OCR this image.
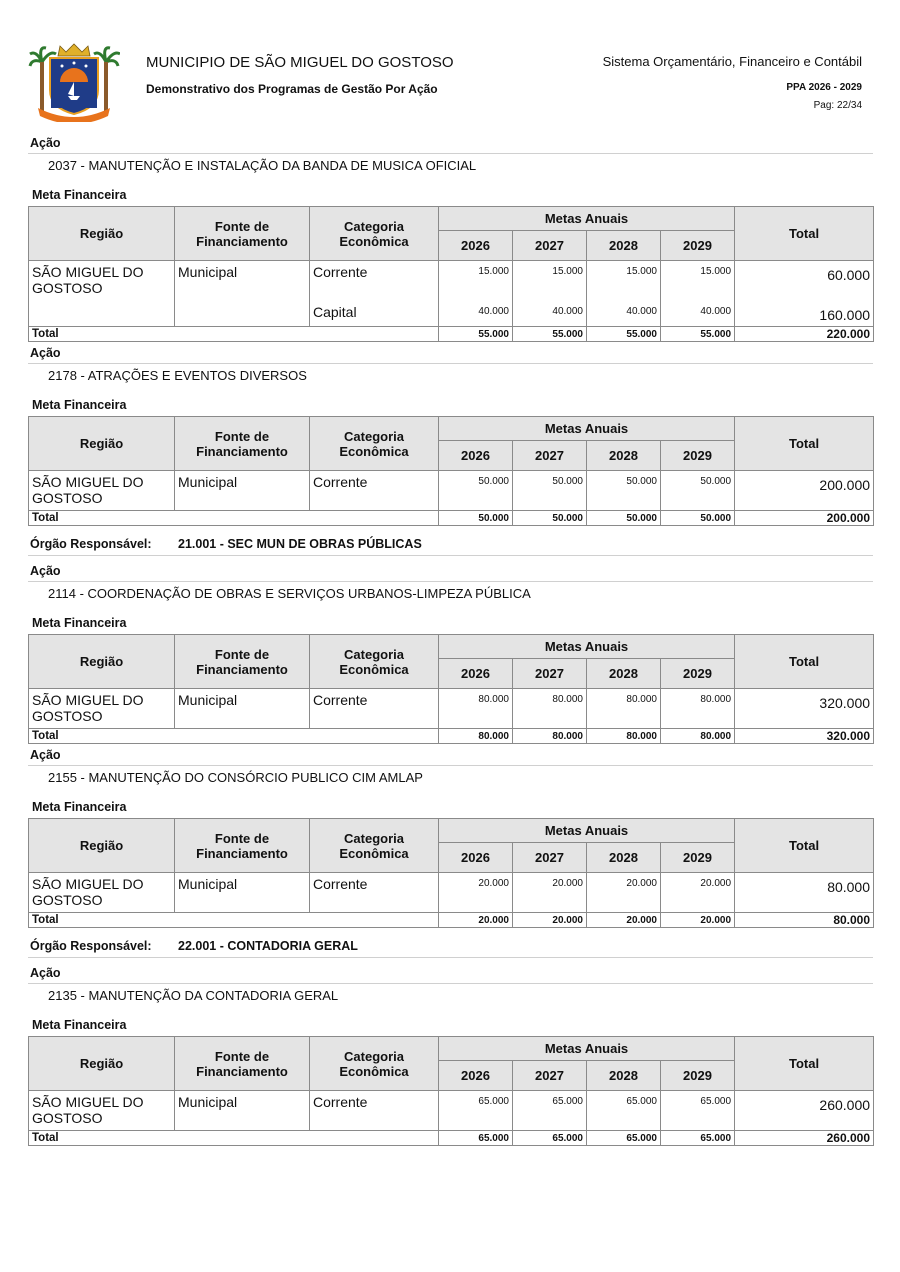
MUNICIPIO DE SÃO MIGUEL DO GOSTOSO
Demonstrativo dos Programas de Gestão Por Ação
Sistema Orçamentário, Financeiro e Contábil
PPA 2026 - 2029
Pag: 22/34
Ação
2037 - MANUTENÇÃO E INSTALAÇÃO DA BANDA DE MUSICA OFICIAL
Meta Financeira
Região	Fonte de Financiamento	Categoria Econômica	Metas Anuais				Total
			2026	2027	2028	2029	
SÃO MIGUEL DO GOSTOSO	Municipal	Corrente	15.000	15.000	15.000	15.000	60.000
		Capital	40.000	40.000	40.000	40.000	160.000
Total			55.000	55.000	55.000	55.000	220.000
Ação
2178 - ATRAÇÕES E EVENTOS DIVERSOS
Meta Financeira
Região	Fonte de Financiamento	Categoria Econômica	Metas Anuais				Total
			2026	2027	2028	2029	
SÃO MIGUEL DO GOSTOSO	Municipal	Corrente	50.000	50.000	50.000	50.000	200.000
Total			50.000	50.000	50.000	50.000	200.000
Órgão Responsável:	21.001 - SEC MUN DE OBRAS PÚBLICAS
Ação
2114 - COORDENAÇÃO DE OBRAS E SERVIÇOS URBANOS-LIMPEZA PÚBLICA
Meta Financeira
Região	Fonte de Financiamento	Categoria Econômica	Metas Anuais				Total
			2026	2027	2028	2029	
SÃO MIGUEL DO GOSTOSO	Municipal	Corrente	80.000	80.000	80.000	80.000	320.000
Total			80.000	80.000	80.000	80.000	320.000
Ação
2155 - MANUTENÇÃO DO CONSÓRCIO PUBLICO CIM AMLAP
Meta Financeira
Região	Fonte de Financiamento	Categoria Econômica	Metas Anuais				Total
			2026	2027	2028	2029	
SÃO MIGUEL DO GOSTOSO	Municipal	Corrente	20.000	20.000	20.000	20.000	80.000
Total			20.000	20.000	20.000	20.000	80.000
Órgão Responsável:	22.001 - CONTADORIA GERAL
Ação
2135 - MANUTENÇÃO DA CONTADORIA GERAL
Meta Financeira
Região	Fonte de Financiamento	Categoria Econômica	Metas Anuais				Total
			2026	2027	2028	2029	
SÃO MIGUEL DO GOSTOSO	Municipal	Corrente	65.000	65.000	65.000	65.000	260.000
Total			65.000	65.000	65.000	65.000	260.000
